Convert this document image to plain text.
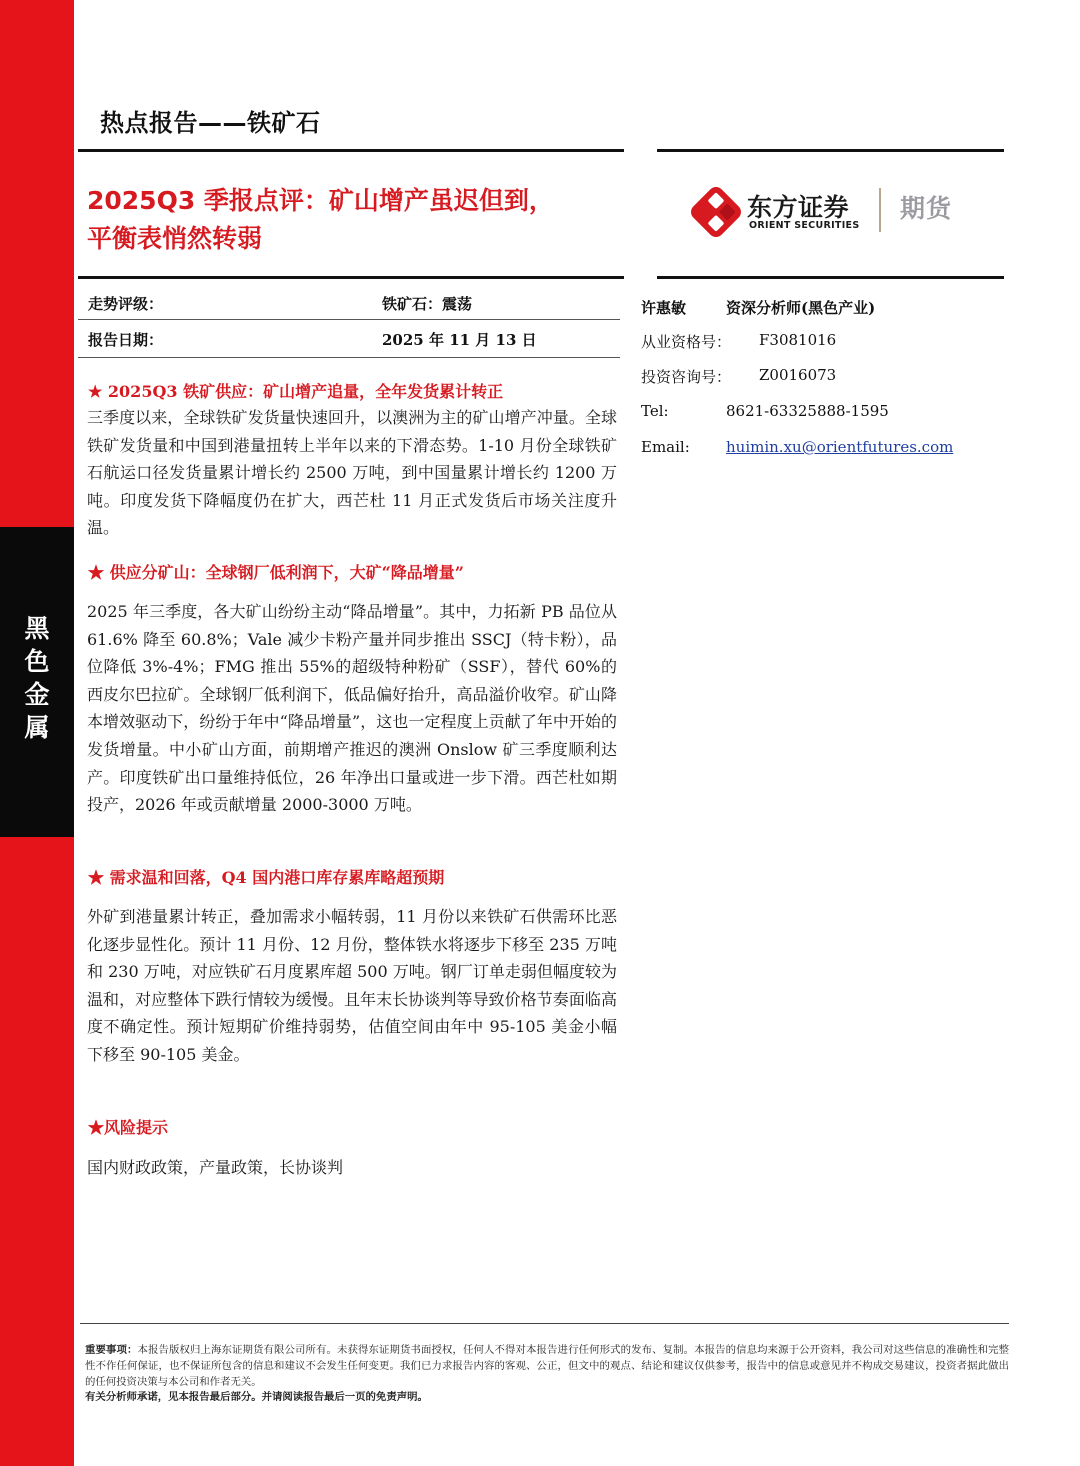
黑
色
金
属
热点报告——铁矿石
2025Q3 季报点评：矿山增产虽迟但到，
平衡表悄然转弱
东方证券
ORIENT SECURITIES
期货
走势评级：	铁矿石：震荡
报告日期：	2025 年 11 月 13 日
许惠敏	资深分析师(黑色产业)
从业资格号： F3081016
投资咨询号： Z0016073
Tel:	8621-63325888-1595
Email: huimin.xu@orientfutures.com
★ 2025Q3 铁矿供应：矿山增产追量，全年发货累计转正
三季度以来，全球铁矿发货量快速回升，以澳洲为主的矿山增产冲量。全球铁矿发货量和中国到港量扭转上半年以来的下滑态势。1-10 月份全球铁矿石航运口径发货量累计增长约 2500 万吨，到中国量累计增长约 1200 万吨。印度发货下降幅度仍在扩大，西芒杜 11 月正式发货后市场关注度升温。
★ 供应分矿山：全球钢厂低利润下，大矿“降品增量”
2025 年三季度，各大矿山纷纷主动“降品增量”。其中，力拓新 PB 品位从 61.6% 降至 60.8%；Vale 减少卡粉产量并同步推出 SSCJ（特卡粉），品位降低 3%-4%；FMG 推出 55%的超级特种粉矿（SSF），替代 60%的西皮尔巴拉矿。全球钢厂低利润下，低品偏好抬升，高品溢价收窄。矿山降本增效驱动下，纷纷于年中“降品增量”，这也一定程度上贡献了年中开始的发货增量。中小矿山方面，前期增产推迟的澳洲 Onslow 矿三季度顺利达产。印度铁矿出口量维持低位，26 年净出口量或进一步下滑。西芒杜如期投产，2026 年或贡献增量 2000-3000 万吨。
★ 需求温和回落，Q4 国内港口库存累库略超预期
外矿到港量累计转正，叠加需求小幅转弱，11 月份以来铁矿石供需环比恶化逐步显性化。预计 11 月份、12 月份，整体铁水将逐步下移至 235 万吨和 230 万吨，对应铁矿石月度累库超 500 万吨。钢厂订单走弱但幅度较为温和，对应整体下跌行情较为缓慢。且年末长协谈判等导致价格节奏面临高度不确定性。预计短期矿价维持弱势，估值空间由年中 95-105 美金小幅下移至 90-105 美金。
★风险提示
国内财政政策，产量政策，长协谈判
重要事项：本报告版权归上海东证期货有限公司所有。未获得东证期货书面授权，任何人不得对本报告进行任何形式的发布、复制。本报告的信息均来源于公开资料，我公司对这些信息的准确性和完整性不作任何保证，也不保证所包含的信息和建议不会发生任何变更。我们已力求报告内容的客观、公正，但文中的观点、结论和建议仅供参考，报告中的信息或意见并不构成交易建议，投资者据此做出的任何投资决策与本公司和作者无关。
有关分析师承诺，见本报告最后部分。并请阅读报告最后一页的免责声明。
